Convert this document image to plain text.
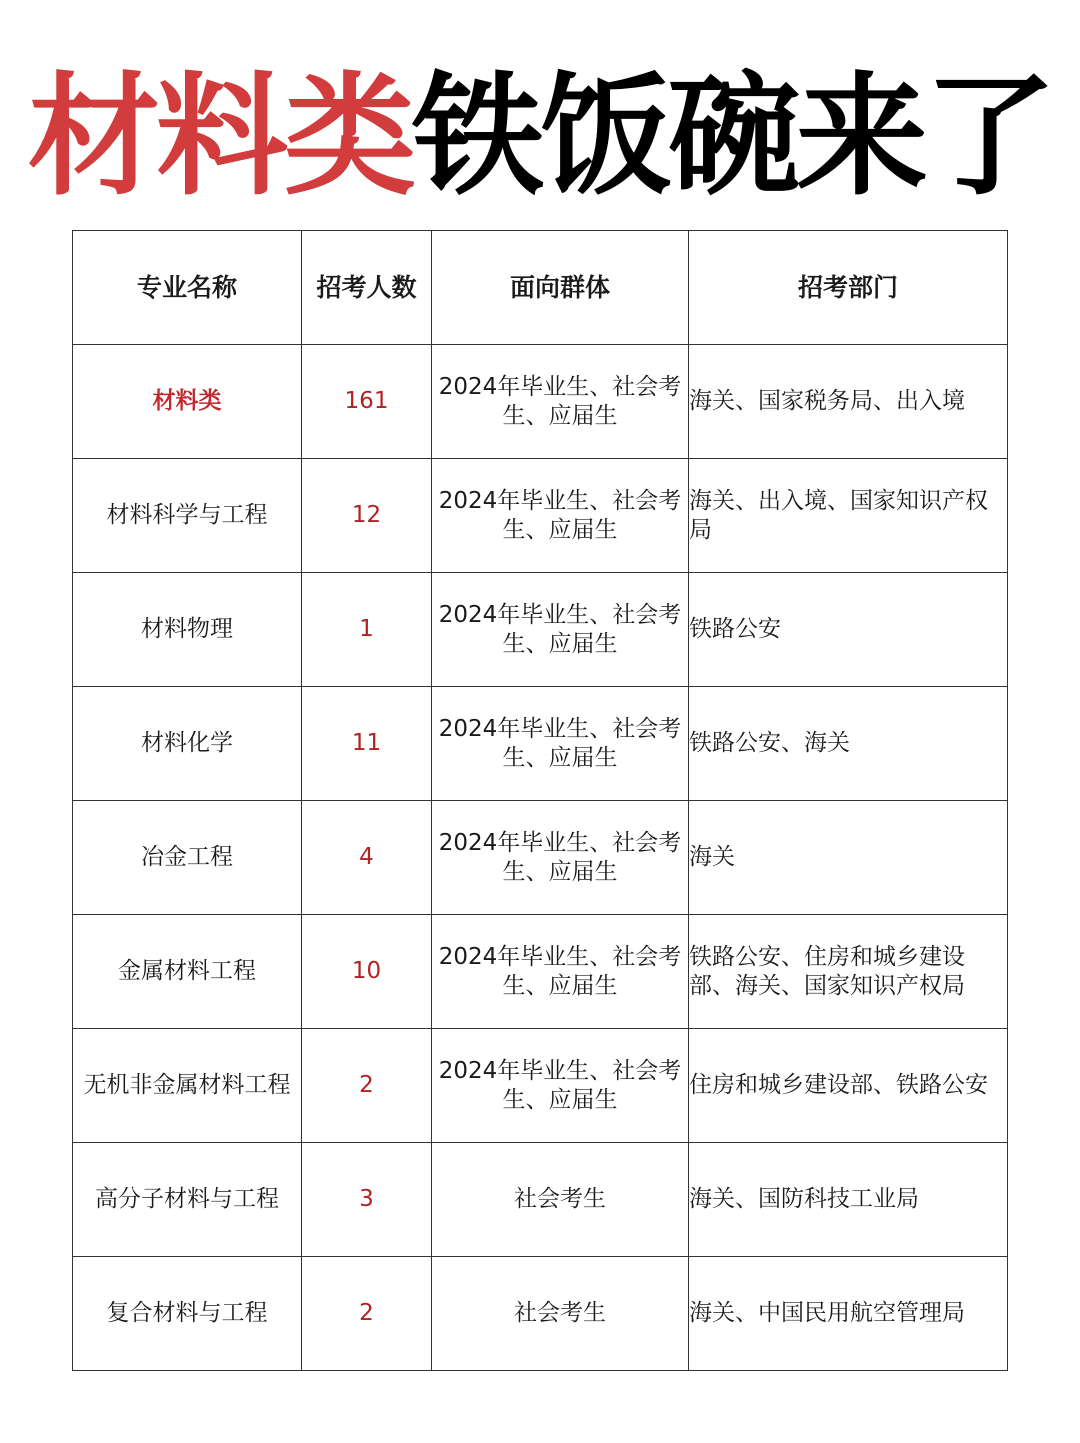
材料类铁饭碗来了
专业名称	招考人数	面向群体	招考部门
材料类	161	2024年毕业生、社会考生、应届生	海关、国家税务局、出入境
材料科学与工程	12	2024年毕业生、社会考生、应届生	海关、出入境、国家知识产权局
材料物理	1	2024年毕业生、社会考生、应届生	铁路公安
材料化学	11	2024年毕业生、社会考生、应届生	铁路公安、海关
冶金工程	4	2024年毕业生、社会考生、应届生	海关
金属材料工程	10	2024年毕业生、社会考生、应届生	铁路公安、住房和城乡建设部、海关、国家知识产权局
无机非金属材料工程	2	2024年毕业生、社会考生、应届生	住房和城乡建设部、铁路公安
高分子材料与工程	3	社会考生	海关、国防科技工业局
复合材料与工程	2	社会考生	海关、中国民用航空管理局
